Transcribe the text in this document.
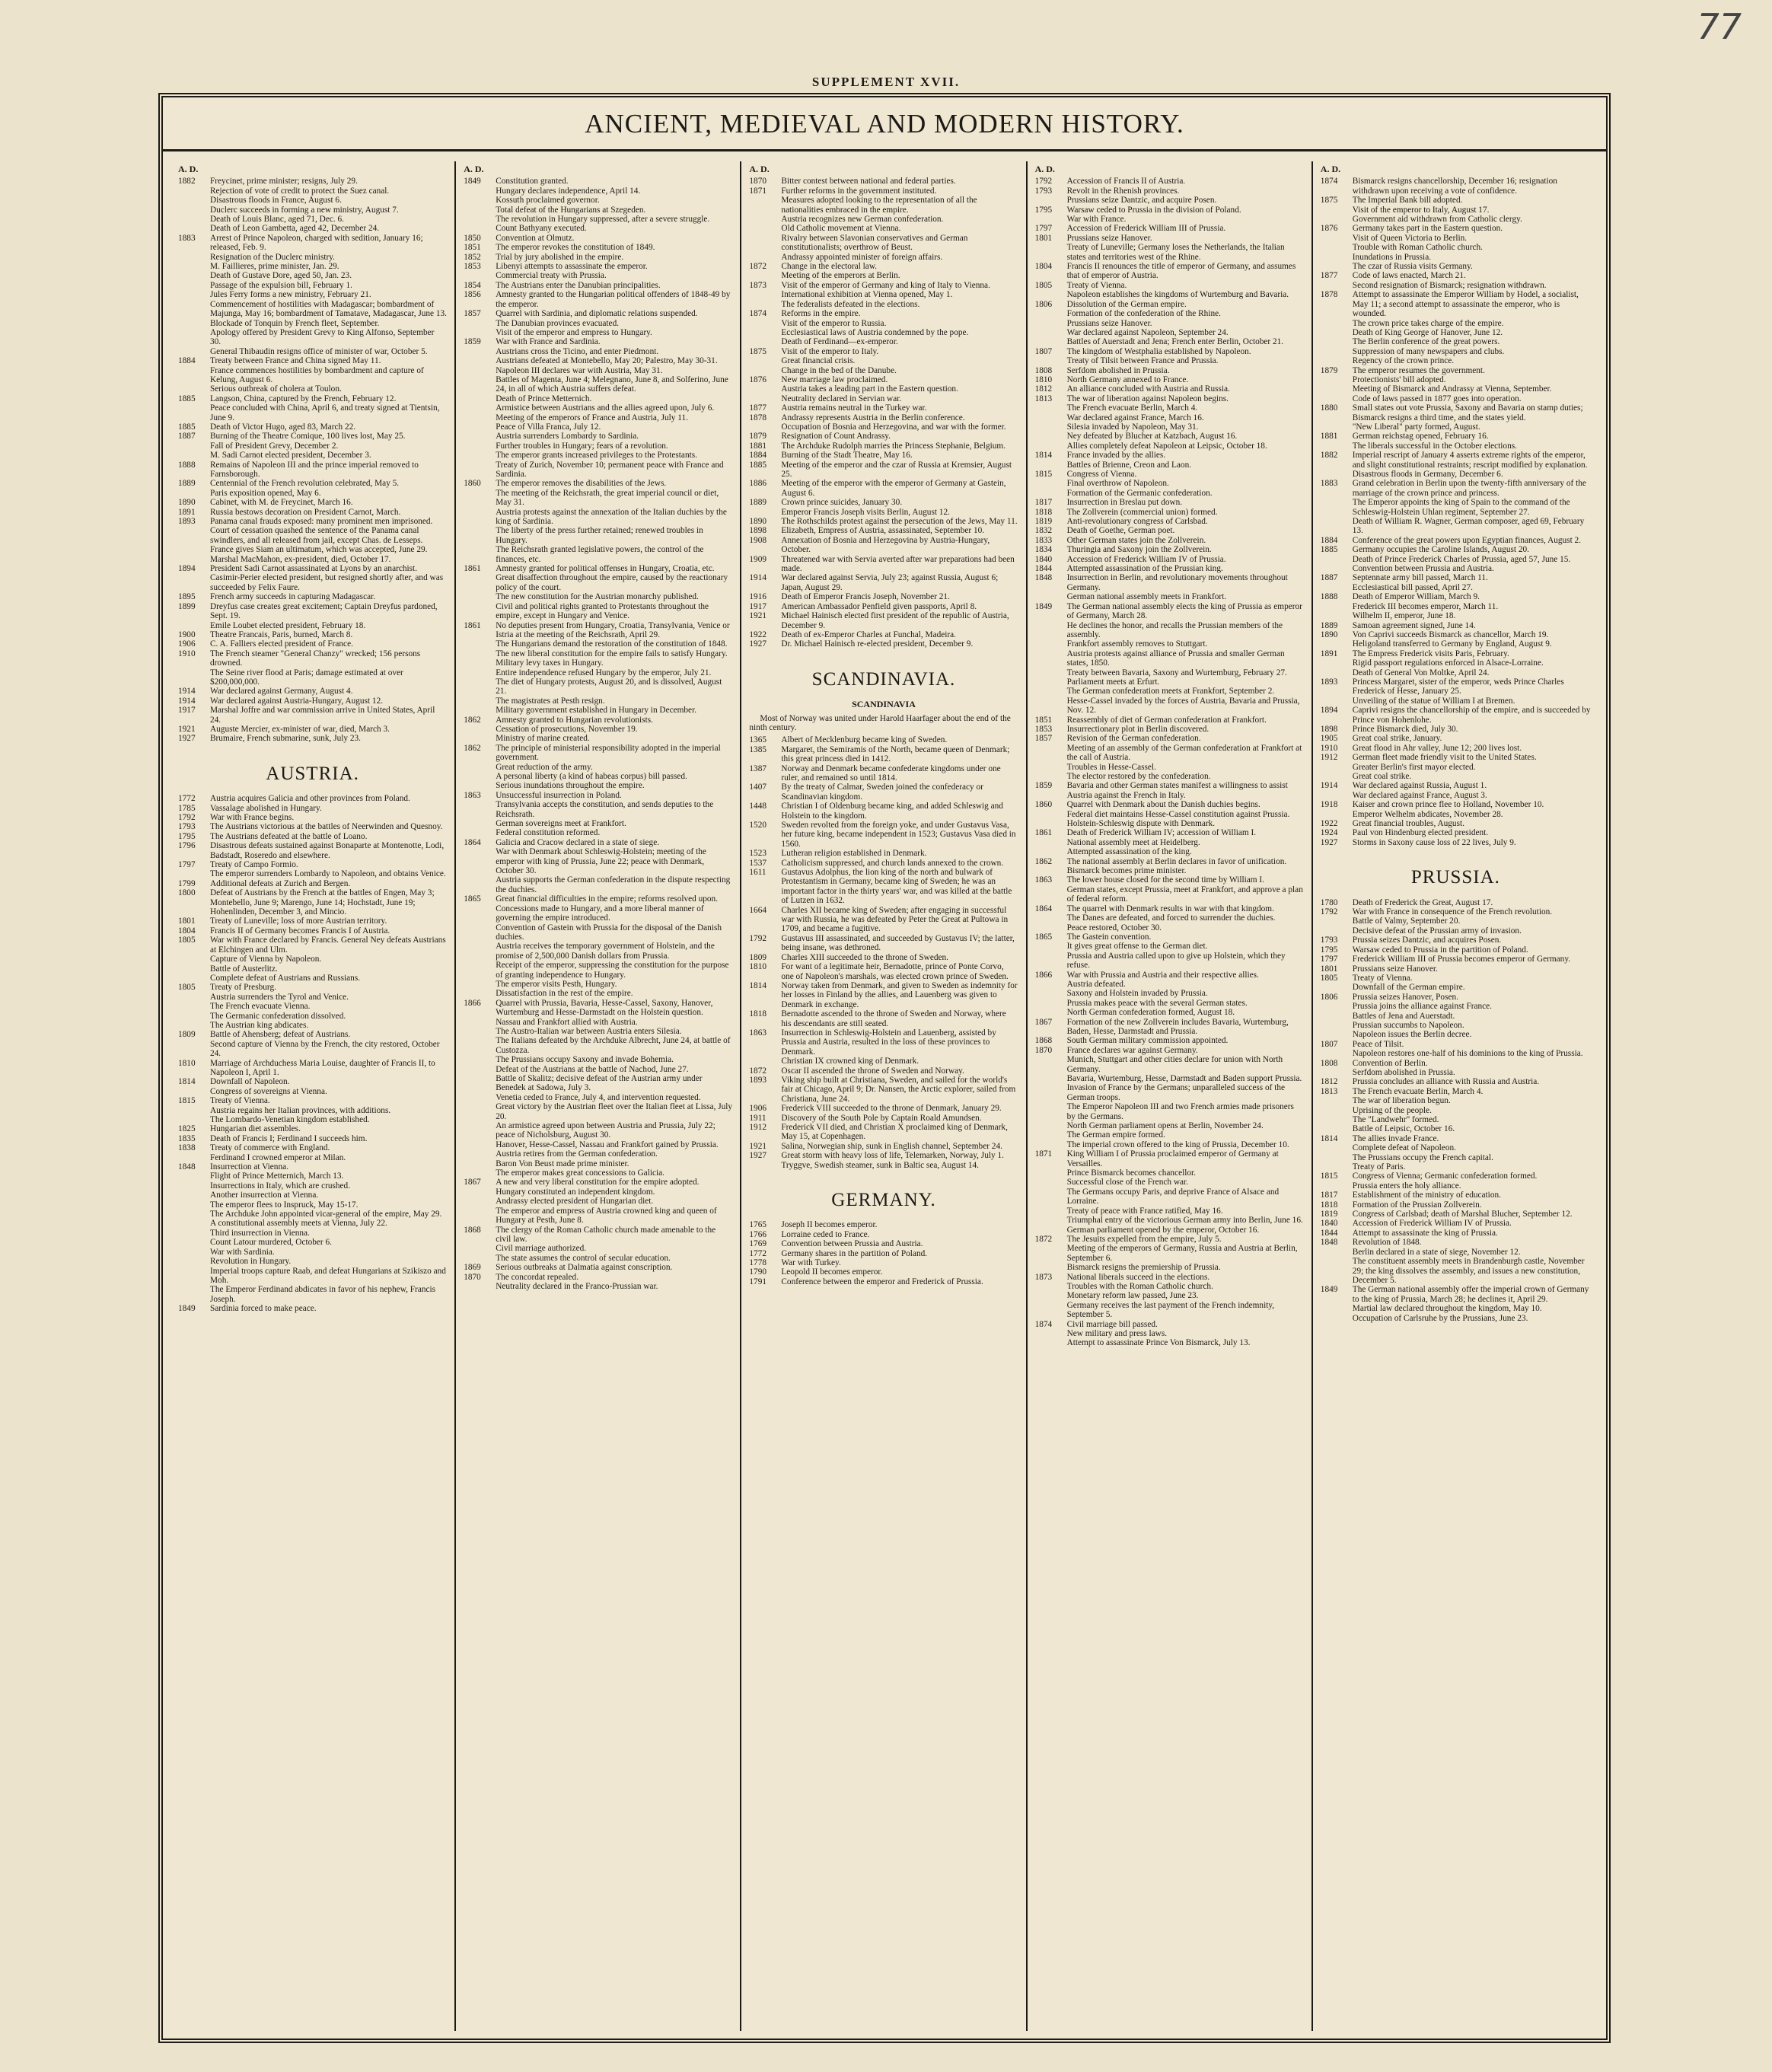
77
SUPPLEMENT XVII.
ANCIENT, MEDIEVAL AND MODERN HISTORY.
A. D.
1882	Freycinet, prime minister; resigns, July 29.
Rejection of vote of credit to protect the Suez canal.
Disastrous floods in France, August 6.
Duclerc succeeds in forming a new ministry, August 7.
Death of Louis Blanc, aged 71, Dec. 6.
Death of Leon Gambetta, aged 42, December 24.
1883	Arrest of Prince Napoleon, charged with sedition, January 16; released, Feb. 9.
Resignation of the Duclerc ministry.
M. Faillieres, prime minister, Jan. 29.
Death of Gustave Dore, aged 50, Jan. 23.
Passage of the expulsion bill, February 1.
Jules Ferry forms a new ministry, February 21.
Commencement of hostilities with Madagascar; bombardment of Majunga, May 16; bombardment of Tamatave, Madagascar, June 13.
Blockade of Tonquin by French fleet, September.
Apology offered by President Grevy to King Alfonso, September 30.
General Thibaudin resigns office of minister of war, October 5.
1884	Treaty between France and China signed May 11.
France commences hostilities by bombardment and capture of Kelung, August 6.
Serious outbreak of cholera at Toulon.
1885	Langson, China, captured by the French, February 12.
Peace concluded with China, April 6, and treaty signed at Tientsin, June 9.
1885	Death of Victor Hugo, aged 83, March 22.
1887	Burning of the Theatre Comique, 100 lives lost, May 25.
Fall of President Grevy, December 2.
M. Sadi Carnot elected president, December 3.
1888	Remains of Napoleon III and the prince imperial removed to Farnsborough.
1889	Centennial of the French revolution celebrated, May 5.
Paris exposition opened, May 6.
1890	Cabinet, with M. de Freycinet, March 16.
1891	Russia bestows decoration on President Carnot, March.
1893	Panama canal frauds exposed: many prominent men imprisoned.
Court of cessation quashed the sentence of the Panama canal swindlers, and all released from jail, except Chas. de Lesseps.
France gives Siam an ultimatum, which was accepted, June 29.
Marshal MacMahon, ex-president, died, October 17.
1894	President Sadi Carnot assassinated at Lyons by an anarchist.
Casimir-Perier elected president, but resigned shortly after, and was succeeded by Felix Faure.
1895	French army succeeds in capturing Madagascar.
1899	Dreyfus case creates great excitement; Captain Dreyfus pardoned, Sept. 19.
Emile Loubet elected president, February 18.
1900	Theatre Francais, Paris, burned, March 8.
1906	C. A. Falliers elected president of France.
1910	The French steamer "General Chanzy" wrecked; 156 persons drowned.
The Seine river flood at Paris; damage estimated at over $200,000,000.
1914	War declared against Germany, August 4.
1914	War declared against Austria-Hungary, August 12.
1917	Marshal Joffre and war commission arrive in United States, April 24.
1921	Auguste Mercier, ex-minister of war, died, March 3.
1927	Brumaire, French submarine, sunk, July 23.
AUSTRIA.
1772	Austria acquires Galicia and other provinces from Poland.
1785	Vassalage abolished in Hungary.
1792	War with France begins.
1793	The Austrians victorious at the battles of Neerwinden and Quesnoy.
1795	The Austrians defeated at the battle of Loano.
1796	Disastrous defeats sustained against Bonaparte at Montenotte, Lodi, Badstadt, Roseredo and elsewhere.
1797	Treaty of Campo Formio.
The emperor surrenders Lombardy to Napoleon, and obtains Venice.
1799	Additional defeats at Zurich and Bergen.
1800	Defeat of Austrians by the French at the battles of Engen, May 3; Montebello, June 9; Marengo, June 14; Hochstadt, June 19; Hohenlinden, December 3, and Mincio.
1801	Treaty of Luneville; loss of more Austrian territory.
1804	Francis II of Germany becomes Francis I of Austria.
1805	War with France declared by Francis. General Ney defeats Austrians at Elchingen and Ulm.
Capture of Vienna by Napoleon.
Battle of Austerlitz.
Complete defeat of Austrians and Russians.
1805	Treaty of Presburg.
Austria surrenders the Tyrol and Venice.
The French evacuate Vienna.
The Germanic confederation dissolved.
The Austrian king abdicates.
1809	Battle of Ahensberg; defeat of Austrians.
Second capture of Vienna by the French, the city restored, October 24.
1810	Marriage of Archduchess Maria Louise, daughter of Francis II, to Napoleon I, April 1.
1814	Downfall of Napoleon.
Congress of sovereigns at Vienna.
1815	Treaty of Vienna.
Austria regains her Italian provinces, with additions.
The Lombardo-Venetian kingdom established.
1825	Hungarian diet assembles.
1835	Death of Francis I; Ferdinand I succeeds him.
1838	Treaty of commerce with England.
Ferdinand I crowned emperor at Milan.
1848	Insurrection at Vienna.
Flight of Prince Metternich, March 13.
Insurrections in Italy, which are crushed.
Another insurrection at Vienna.
The emperor flees to Inspruck, May 15-17.
The Archduke John appointed vicar-general of the empire, May 29.
A constitutional assembly meets at Vienna, July 22.
Third insurrection in Vienna.
Count Latour murdered, October 6.
War with Sardinia.
Revolution in Hungary.
Imperial troops capture Raab, and defeat Hungarians at Szikiszo and Moh.
The Emperor Ferdinand abdicates in favor of his nephew, Francis Joseph.
1849	Sardinia forced to make peace.
A. D.
1849	Constitution granted.
Hungary declares independence, April 14.
Kossuth proclaimed governor.
Total defeat of the Hungarians at Szegeden.
The revolution in Hungary suppressed, after a severe struggle.
Count Bathyany executed.
1850	Convention at Olmutz.
1851	The emperor revokes the constitution of 1849.
1852	Trial by jury abolished in the empire.
1853	Libenyi attempts to assassinate the emperor.
Commercial treaty with Prussia.
1854	The Austrians enter the Danubian principalities.
1856	Amnesty granted to the Hungarian political offenders of 1848-49 by the emperor.
1857	Quarrel with Sardinia, and diplomatic relations suspended.
The Danubian provinces evacuated.
Visit of the emperor and empress to Hungary.
1859	War with France and Sardinia.
Austrians cross the Ticino, and enter Piedmont.
Austrians defeated at Montebello, May 20; Palestro, May 30-31.
Napoleon III declares war with Austria, May 31.
Battles of Magenta, June 4; Melegnano, June 8, and Solferino, June 24, in all of which Austria suffers defeat.
Death of Prince Metternich.
Armistice between Austrians and the allies agreed upon, July 6.
Meeting of the emperors of France and Austria, July 11.
Peace of Villa Franca, July 12.
Austria surrenders Lombardy to Sardinia.
Further troubles in Hungary; fears of a revolution.
The emperor grants increased privileges to the Protestants.
Treaty of Zurich, November 10; permanent peace with France and Sardinia.
1860	The emperor removes the disabilities of the Jews.
The meeting of the Reichsrath, the great imperial council or diet, May 31.
Austria protests against the annexation of the Italian duchies by the king of Sardinia.
The liberty of the press further retained; renewed troubles in Hungary.
The Reichsrath granted legislative powers, the control of the finances, etc.
1861	Amnesty granted for political offenses in Hungary, Croatia, etc.
Great disaffection throughout the empire, caused by the reactionary policy of the court.
The new constitution for the Austrian monarchy published.
Civil and political rights granted to Protestants throughout the empire, except in Hungary and Venice.
1861	No deputies present from Hungary, Croatia, Transylvania, Venice or Istria at the meeting of the Reichsrath, April 29.
The Hungarians demand the restoration of the constitution of 1848.
The new liberal constitution for the empire fails to satisfy Hungary.
Military levy taxes in Hungary.
Entire independence refused Hungary by the emperor, July 21.
The diet of Hungary protests, August 20, and is dissolved, August 21.
The magistrates at Pesth resign.
Military government established in Hungary in December.
1862	Amnesty granted to Hungarian revolutionists.
Cessation of prosecutions, November 19.
Ministry of marine created.
1862	The principle of ministerial responsibility adopted in the imperial government.
Great reduction of the army.
A personal liberty (a kind of habeas corpus) bill passed.
Serious inundations throughout the empire.
1863	Unsuccessful insurrection in Poland.
Transylvania accepts the constitution, and sends deputies to the Reichsrath.
German sovereigns meet at Frankfort.
Federal constitution reformed.
1864	Galicia and Cracow declared in a state of siege.
War with Denmark about Schleswig-Holstein; meeting of the emperor with king of Prussia, June 22; peace with Denmark, October 30.
Austria supports the German confederation in the dispute respecting the duchies.
1865	Great financial difficulties in the empire; reforms resolved upon.
Concessions made to Hungary, and a more liberal manner of governing the empire introduced.
Convention of Gastein with Prussia for the disposal of the Danish duchies.
Austria receives the temporary government of Holstein, and the promise of 2,500,000 Danish dollars from Prussia.
Receipt of the emperor, suppressing the constitution for the purpose of granting independence to Hungary.
The emperor visits Pesth, Hungary.
Dissatisfaction in the rest of the empire.
1866	Quarrel with Prussia, Bavaria, Hesse-Cassel, Saxony, Hanover, Wurtemburg and Hesse-Darmstadt on the Holstein question.
Nassau and Frankfort allied with Austria.
The Austro-Italian war between Austria enters Silesia.
The Italians defeated by the Archduke Albrecht, June 24, at battle of Custozza.
The Prussians occupy Saxony and invade Bohemia.
Defeat of the Austrians at the battle of Nachod, June 27.
Battle of Skalitz; decisive defeat of the Austrian army under Benedek at Sadowa, July 3.
Venetia ceded to France, July 4, and intervention requested.
Great victory by the Austrian fleet over the Italian fleet at Lissa, July 20.
An armistice agreed upon between Austria and Prussia, July 22; peace of Nicholsburg, August 30.
Hanover, Hesse-Cassel, Nassau and Frankfort gained by Prussia.
Austria retires from the German confederation.
Baron Von Beust made prime minister.
The emperor makes great concessions to Galicia.
1867	A new and very liberal constitution for the empire adopted.
Hungary constituted an independent kingdom.
Andrassy elected president of Hungarian diet.
The emperor and empress of Austria crowned king and queen of Hungary at Pesth, June 8.
1868	The clergy of the Roman Catholic church made amenable to the civil law.
Civil marriage authorized.
The state assumes the control of secular education.
1869	Serious outbreaks at Dalmatia against conscription.
1870	The concordat repealed.
Neutrality declared in the Franco-Prussian war.
A. D.
1870	Bitter contest between national and federal parties.
1871	Further reforms in the government instituted.
Measures adopted looking to the representation of all the nationalities embraced in the empire.
Austria recognizes new German confederation.
Old Catholic movement at Vienna.
Rivalry between Slavonian conservatives and German constitutionalists; overthrow of Beust.
Andrassy appointed minister of foreign affairs.
1872	Change in the electoral law.
Meeting of the emperors at Berlin.
1873	Visit of the emperor of Germany and king of Italy to Vienna.
International exhibition at Vienna opened, May 1.
The federalists defeated in the elections.
1874	Reforms in the empire.
Visit of the emperor to Russia.
Ecclesiastical laws of Austria condemned by the pope.
Death of Ferdinand—ex-emperor.
1875	Visit of the emperor to Italy.
Great financial crisis.
Change in the bed of the Danube.
1876	New marriage law proclaimed.
Austria takes a leading part in the Eastern question.
Neutrality declared in Servian war.
1877	Austria remains neutral in the Turkey war.
1878	Andrassy represents Austria in the Berlin conference.
Occupation of Bosnia and Herzegovina, and war with the former.
1879	Resignation of Count Andrassy.
1881	The Archduke Rudolph marries the Princess Stephanie, Belgium.
1884	Burning of the Stadt Theatre, May 16.
1885	Meeting of the emperor and the czar of Russia at Kremsier, August 25.
1886	Meeting of the emperor with the emperor of Germany at Gastein, August 6.
1889	Crown prince suicides, January 30.
Emperor Francis Joseph visits Berlin, August 12.
1890	The Rothschilds protest against the persecution of the Jews, May 11.
1898	Elizabeth, Empress of Austria, assassinated, September 10.
1908	Annexation of Bosnia and Herzegovina by Austria-Hungary, October.
1909	Threatened war with Servia averted after war preparations had been made.
1914	War declared against Servia, July 23; against Russia, August 6; Japan, August 29.
1916	Death of Emperor Francis Joseph, November 21.
1917	American Ambassador Penfield given passports, April 8.
1921	Michael Hainisch elected first president of the republic of Austria, December 9.
1922	Death of ex-Emperor Charles at Funchal, Madeira.
1927	Dr. Michael Hainisch re-elected president, December 9.
SCANDINAVIA.
SCANDINAVIA
Most of Norway was united under Harold Haarfager about the end of the ninth century.
1365	Albert of Mecklenburg became king of Sweden.
1385	Margaret, the Semiramis of the North, became queen of Denmark; this great princess died in 1412.
1387	Norway and Denmark became confederate kingdoms under one ruler, and remained so until 1814.
1407	By the treaty of Calmar, Sweden joined the confederacy or Scandinavian kingdom.
1448	Christian I of Oldenburg became king, and added Schleswig and Holstein to the kingdom.
1520	Sweden revolted from the foreign yoke, and under Gustavus Vasa, her future king, became independent in 1523; Gustavus Vasa died in 1560.
1523	Lutheran religion established in Denmark.
1537	Catholicism suppressed, and church lands annexed to the crown.
1611	Gustavus Adolphus, the lion king of the north and bulwark of Protestantism in Germany, became king of Sweden; he was an important factor in the thirty years' war, and was killed at the battle of Lutzen in 1632.
1664	Charles XII became king of Sweden; after engaging in successful war with Russia, he was defeated by Peter the Great at Pultowa in 1709, and became a fugitive.
1792	Gustavus III assassinated, and succeeded by Gustavus IV; the latter, being insane, was dethroned.
1809	Charles XIII succeeded to the throne of Sweden.
1810	For want of a legitimate heir, Bernadotte, prince of Ponte Corvo, one of Napoleon's marshals, was elected crown prince of Sweden.
1814	Norway taken from Denmark, and given to Sweden as indemnity for her losses in Finland by the allies, and Lauenberg was given to Denmark in exchange.
1818	Bernadotte ascended to the throne of Sweden and Norway, where his descendants are still seated.
1863	Insurrection in Schleswig-Holstein and Lauenberg, assisted by Prussia and Austria, resulted in the loss of these provinces to Denmark.
Christian IX crowned king of Denmark.
1872	Oscar II ascended the throne of Sweden and Norway.
1893	Viking ship built at Christiana, Sweden, and sailed for the world's fair at Chicago, April 9; Dr. Nansen, the Arctic explorer, sailed from Christiana, June 24.
1906	Frederick VIII succeeded to the throne of Denmark, January 29.
1911	Discovery of the South Pole by Captain Roald Amundsen.
1912	Frederick VII died, and Christian X proclaimed king of Denmark, May 15, at Copenhagen.
1921	Salina, Norwegian ship, sunk in English channel, September 24.
1927	Great storm with heavy loss of life, Telemarken, Norway, July 1.
Tryggve, Swedish steamer, sunk in Baltic sea, August 14.
GERMANY.
1765	Joseph II becomes emperor.
1766	Lorraine ceded to France.
1769	Convention between Prussia and Austria.
1772	Germany shares in the partition of Poland.
1778	War with Turkey.
1790	Leopold II becomes emperor.
1791	Conference between the emperor and Frederick of Prussia.
A. D.
1792	Accession of Francis II of Austria.
1793	Revolt in the Rhenish provinces.
Prussians seize Dantzic, and acquire Posen.
1795	Warsaw ceded to Prussia in the division of Poland.
War with France.
1797	Accession of Frederick William III of Prussia.
1801	Prussians seize Hanover.
Treaty of Luneville; Germany loses the Netherlands, the Italian states and territories west of the Rhine.
1804	Francis II renounces the title of emperor of Germany, and assumes that of emperor of Austria.
1805	Treaty of Vienna.
Napoleon establishes the kingdoms of Wurtemburg and Bavaria.
1806	Dissolution of the German empire.
Formation of the confederation of the Rhine.
Prussians seize Hanover.
War declared against Napoleon, September 24.
Battles of Auerstadt and Jena; French enter Berlin, October 21.
1807	The kingdom of Westphalia established by Napoleon.
Treaty of Tilsit between France and Prussia.
1808	Serfdom abolished in Prussia.
1810	North Germany annexed to France.
1812	An alliance concluded with Austria and Russia.
1813	The war of liberation against Napoleon begins.
The French evacuate Berlin, March 4.
War declared against France, March 16.
Silesia invaded by Napoleon, May 31.
Ney defeated by Blucher at Katzbach, August 16.
Allies completely defeat Napoleon at Leipsic, October 18.
1814	France invaded by the allies.
Battles of Brienne, Creon and Laon.
1815	Congress of Vienna.
Final overthrow of Napoleon.
Formation of the Germanic confederation.
1817	Insurrection in Breslau put down.
1818	The Zollverein (commercial union) formed.
1819	Anti-revolutionary congress of Carlsbad.
1832	Death of Goethe, German poet.
1833	Other German states join the Zollverein.
1834	Thuringia and Saxony join the Zollverein.
1840	Accession of Frederick William IV of Prussia.
1844	Attempted assassination of the Prussian king.
1848	Insurrection in Berlin, and revolutionary movements throughout Germany.
German national assembly meets in Frankfort.
1849	The German national assembly elects the king of Prussia as emperor of Germany, March 28.
He declines the honor, and recalls the Prussian members of the assembly.
Frankfort assembly removes to Stuttgart.
Austria protests against alliance of Prussia and smaller German states, 1850.
Treaty between Bavaria, Saxony and Wurtemburg, February 27.
Parliament meets at Erfurt.
The German confederation meets at Frankfort, September 2.
Hesse-Cassel invaded by the forces of Austria, Bavaria and Prussia, Nov. 12.
1851	Reassembly of diet of German confederation at Frankfort.
1853	Insurrectionary plot in Berlin discovered.
1857	Revision of the German confederation.
Meeting of an assembly of the German confederation at Frankfort at the call of Austria.
Troubles in Hesse-Cassel.
The elector restored by the confederation.
1859	Bavaria and other German states manifest a willingness to assist Austria against the French in Italy.
1860	Quarrel with Denmark about the Danish duchies begins.
Federal diet maintains Hesse-Cassel constitution against Prussia.
Holstein-Schleswig dispute with Denmark.
1861	Death of Frederick William IV; accession of William I.
National assembly meet at Heidelberg.
Attempted assassination of the king.
1862	The national assembly at Berlin declares in favor of unification.
Bismarck becomes prime minister.
1863	The lower house closed for the second time by William I.
German states, except Prussia, meet at Frankfort, and approve a plan of federal reform.
1864	The quarrel with Denmark results in war with that kingdom.
The Danes are defeated, and forced to surrender the duchies.
Peace restored, October 30.
1865	The Gastein convention.
It gives great offense to the German diet.
Prussia and Austria called upon to give up Holstein, which they refuse.
1866	War with Prussia and Austria and their respective allies.
Austria defeated.
Saxony and Holstein invaded by Prussia.
Prussia makes peace with the several German states.
North German confederation formed, August 18.
1867	Formation of the new Zollverein includes Bavaria, Wurtemburg, Baden, Hesse, Darmstadt and Prussia.
1868	South German military commission appointed.
1870	France declares war against Germany.
Munich, Stuttgart and other cities declare for union with North Germany.
Bavaria, Wurtemburg, Hesse, Darmstadt and Baden support Prussia.
Invasion of France by the Germans; unparalleled success of the German troops.
The Emperor Napoleon III and two French armies made prisoners by the Germans.
North German parliament opens at Berlin, November 24.
The German empire formed.
The imperial crown offered to the king of Prussia, December 10.
1871	King William I of Prussia proclaimed emperor of Germany at Versailles.
Prince Bismarck becomes chancellor.
Successful close of the French war.
The Germans occupy Paris, and deprive France of Alsace and Lorraine.
Treaty of peace with France ratified, May 16.
Triumphal entry of the victorious German army into Berlin, June 16.
German parliament opened by the emperor, October 16.
1872	The Jesuits expelled from the empire, July 5.
Meeting of the emperors of Germany, Russia and Austria at Berlin, September 6.
Bismarck resigns the premiership of Prussia.
1873	National liberals succeed in the elections.
Troubles with the Roman Catholic church.
Monetary reform law passed, June 23.
Germany receives the last payment of the French indemnity, September 5.
1874	Civil marriage bill passed.
New military and press laws.
Attempt to assassinate Prince Von Bismarck, July 13.
A. D.
1874	Bismarck resigns chancellorship, December 16; resignation withdrawn upon receiving a vote of confidence.
1875	The Imperial Bank bill adopted.
Visit of the emperor to Italy, August 17.
Government aid withdrawn from Catholic clergy.
1876	Germany takes part in the Eastern question.
Visit of Queen Victoria to Berlin.
Trouble with Roman Catholic church.
Inundations in Prussia.
The czar of Russia visits Germany.
1877	Code of laws enacted, March 21.
Second resignation of Bismarck; resignation withdrawn.
1878	Attempt to assassinate the Emperor William by Hodel, a socialist, May 11; a second attempt to assassinate the emperor, who is wounded.
The crown price takes charge of the empire.
Death of King George of Hanover, June 12.
The Berlin conference of the great powers.
Suppression of many newspapers and clubs.
Regency of the crown prince.
1879	The emperor resumes the government.
Protectionists' bill adopted.
Meeting of Bismarck and Andrassy at Vienna, September.
Code of laws passed in 1877 goes into operation.
1880	Small states out vote Prussia, Saxony and Bavaria on stamp duties; Bismarck resigns a third time, and the states yield.
"New Liberal" party formed, August.
1881	German reichstag opened, February 16.
The liberals successful in the October elections.
1882	Imperial rescript of January 4 asserts extreme rights of the emperor, and slight constitutional restraints; rescript modified by explanation.
Disastrous floods in Germany, December 6.
1883	Grand celebration in Berlin upon the twenty-fifth anniversary of the marriage of the crown prince and princess.
The Emperor appoints the king of Spain to the command of the Schleswig-Holstein Uhlan regiment, September 27.
Death of William R. Wagner, German composer, aged 69, February 13.
1884	Conference of the great powers upon Egyptian finances, August 2.
1885	Germany occupies the Caroline Islands, August 20.
Death of Prince Frederick Charles of Prussia, aged 57, June 15.
Convention between Prussia and Austria.
1887	Septennate army bill passed, March 11.
Ecclesiastical bill passed, April 27.
1888	Death of Emperor William, March 9.
Frederick III becomes emperor, March 11.
Wilhelm II, emperor, June 18.
1889	Samoan agreement signed, June 14.
1890	Von Caprivi succeeds Bismarck as chancellor, March 19.
Heligoland transferred to Germany by England, August 9.
1891	The Empress Frederick visits Paris, February.
Rigid passport regulations enforced in Alsace-Lorraine.
Death of General Von Moltke, April 24.
1893	Princess Margaret, sister of the emperor, weds Prince Charles Frederick of Hesse, January 25.
Unveiling of the statue of William I at Bremen.
1894	Caprivi resigns the chancellorship of the empire, and is succeeded by Prince von Hohenlohe.
1898	Prince Bismarck died, July 30.
1905	Great coal strike, January.
1910	Great flood in Ahr valley, June 12; 200 lives lost.
1912	German fleet made friendly visit to the United States.
Greater Berlin's first mayor elected.
Great coal strike.
1914	War declared against Russia, August 1.
War declared against France, August 3.
1918	Kaiser and crown prince flee to Holland, November 10.
Emperor Welhelm abdicates, November 28.
1922	Great financial troubles, August.
1924	Paul von Hindenburg elected president.
1927	Storms in Saxony cause loss of 22 lives, July 9.
PRUSSIA.
1780	Death of Frederick the Great, August 17.
1792	War with France in consequence of the French revolution.
Battle of Valmy, September 20.
Decisive defeat of the Prussian army of invasion.
1793	Prussia seizes Dantzic, and acquires Posen.
1795	Warsaw ceded to Prussia in the partition of Poland.
1797	Frederick William III of Prussia becomes emperor of Germany.
1801	Prussians seize Hanover.
1805	Treaty of Vienna.
Downfall of the German empire.
1806	Prussia seizes Hanover, Posen.
Prussia joins the alliance against France.
Battles of Jena and Auerstadt.
Prussian succumbs to Napoleon.
Napoleon issues the Berlin decree.
1807	Peace of Tilsit.
Napoleon restores one-half of his dominions to the king of Prussia.
1808	Convention of Berlin.
Serfdom abolished in Prussia.
1812	Prussia concludes an alliance with Russia and Austria.
1813	The French evacuate Berlin, March 4.
The war of liberation begun.
Uprising of the people.
The "Landwehr" formed.
Battle of Leipsic, October 16.
1814	The allies invade France.
Complete defeat of Napoleon.
The Prussians occupy the French capital.
Treaty of Paris.
1815	Congress of Vienna; Germanic confederation formed.
Prussia enters the holy alliance.
1817	Establishment of the ministry of education.
1818	Formation of the Prussian Zollverein.
1819	Congress of Carlsbad; death of Marshal Blucher, September 12.
1840	Accession of Frederick William IV of Prussia.
1844	Attempt to assassinate the king of Prussia.
1848	Revolution of 1848.
Berlin declared in a state of siege, November 12.
The constituent assembly meets in Brandenburgh castle, November 29; the king dissolves the assembly, and issues a new constitution, December 5.
1849	The German national assembly offer the imperial crown of Germany to the king of Prussia, March 28; he declines it, April 29.
Martial law declared throughout the kingdom, May 10.
Occupation of Carlsruhe by the Prussians, June 23.
